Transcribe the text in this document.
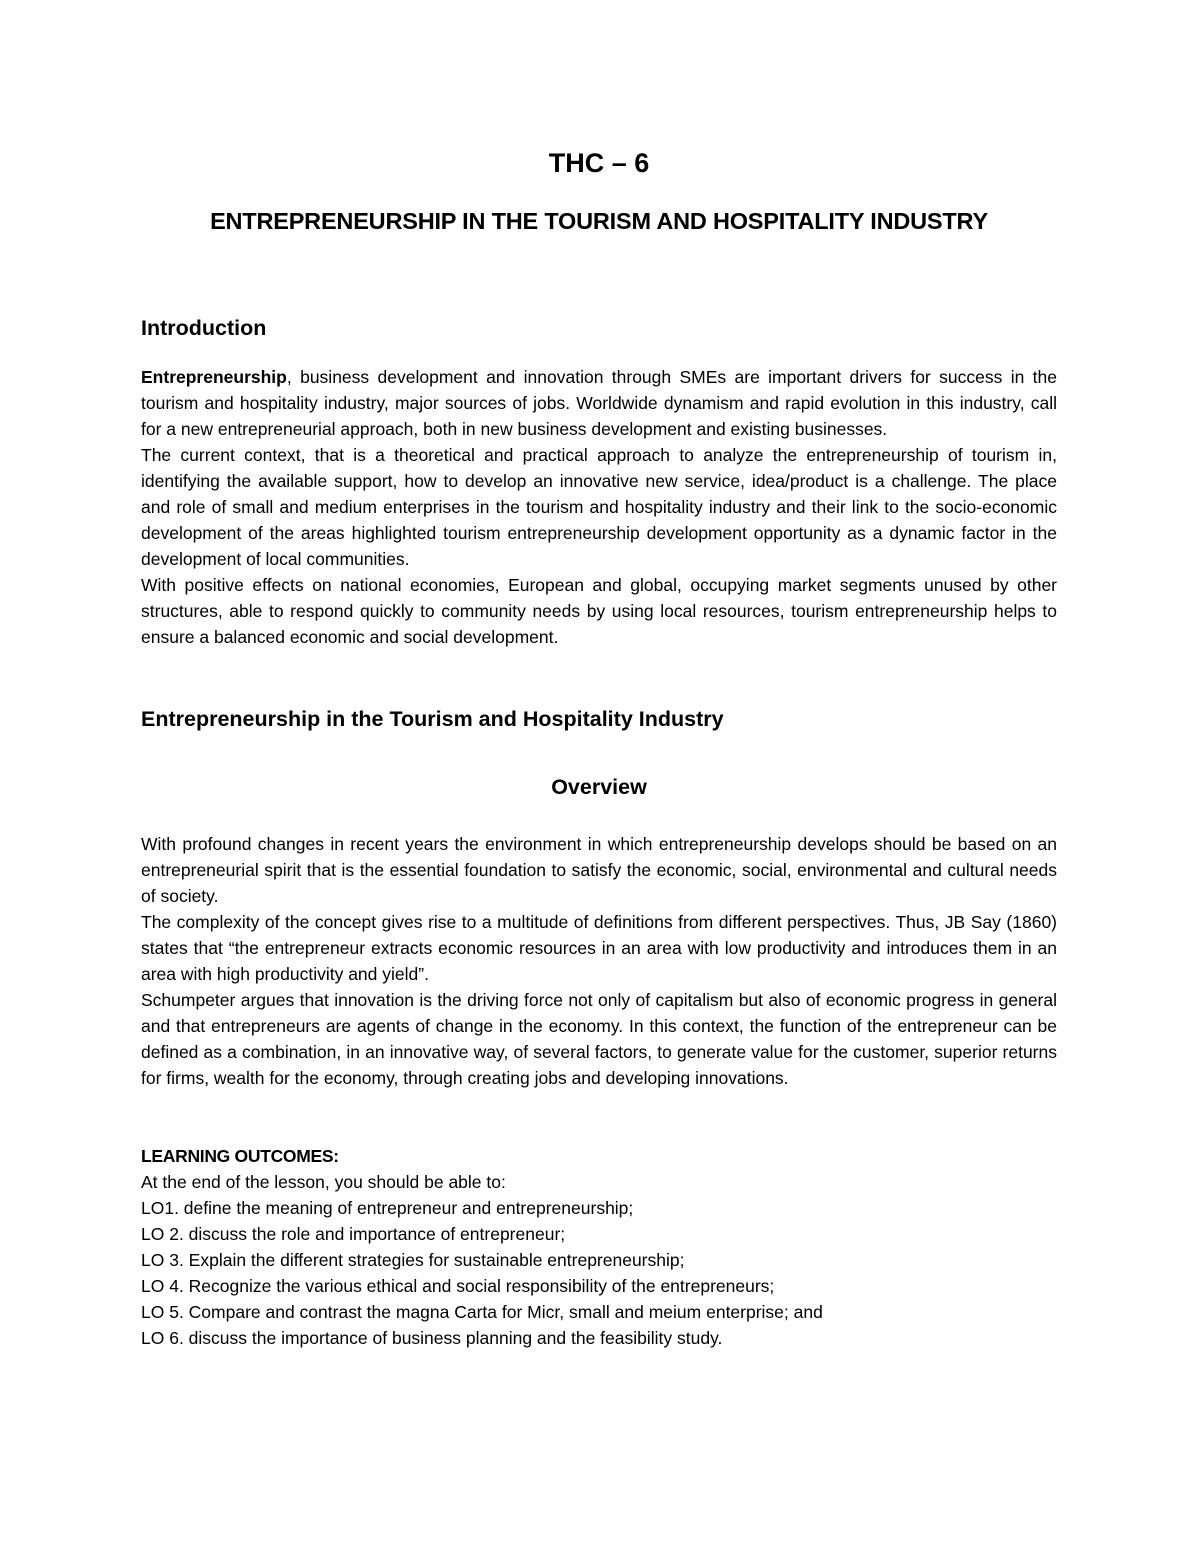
THC – 6
ENTREPRENEURSHIP IN THE TOURISM AND HOSPITALITY INDUSTRY
Introduction

Entrepreneurship, business development and innovation through SMEs are important drivers for success in the tourism and hospitality industry, major sources of jobs. Worldwide dynamism and rapid evolution in this industry, call for a new entrepreneurial approach, both in new business development and existing businesses.

The current context, that is a theoretical and practical approach to analyze the entrepreneurship of tourism in, identifying the available support, how to develop an innovative new service, idea/product is a challenge. The place and role of small and medium enterprises in the tourism and hospitality industry and their link to the socio-economic development of the areas highlighted tourism entrepreneurship development opportunity as a dynamic factor in the development of local communities.

With positive effects on national economies, European and global, occupying market segments unused by other structures, able to respond quickly to community needs by using local resources, tourism entrepreneurship helps to ensure a balanced economic and social development.

Entrepreneurship in the Tourism and Hospitality Industry
Overview

With profound changes in recent years the environment in which entrepreneurship develops should be based on an entrepreneurial spirit that is the essential foundation to satisfy the economic, social, environmental and cultural needs of society.

The complexity of the concept gives rise to a multitude of definitions from different perspectives. Thus, JB Say (1860) states that “the entrepreneur extracts economic resources in an area with low productivity and introduces them in an area with high productivity and yield”.

Schumpeter argues that innovation is the driving force not only of capitalism but also of economic progress in general and that entrepreneurs are agents of change in the economy. In this context, the function of the entrepreneur can be defined as a combination, in an innovative way, of several factors, to generate value for the customer, superior returns for firms, wealth for the economy, through creating jobs and developing innovations.

LEARNING OUTCOMES:
At the end of the lesson, you should be able to:
LO1. define the meaning of entrepreneur and entrepreneurship;
LO 2. discuss the role and importance of entrepreneur;
LO 3. Explain the different strategies for sustainable entrepreneurship;
LO 4. Recognize the various ethical and social responsibility of the entrepreneurs;
LO 5. Compare and contrast the magna Carta for Micr, small and meium enterprise; and
LO 6. discuss the importance of business planning and the feasibility study.
